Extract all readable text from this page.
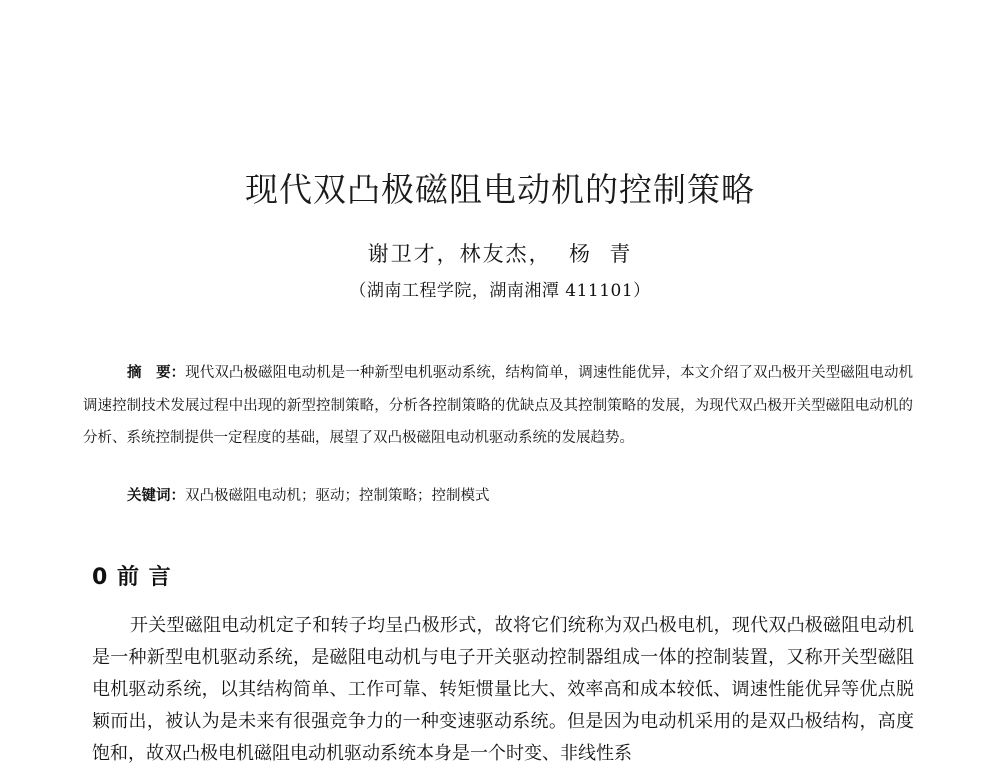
现代双凸极磁阻电动机的控制策略
谢卫才，林友杰，  杨  青
（湖南工程学院，湖南湘潭 411101）
摘　要：现代双凸极磁阻电动机是一种新型电机驱动系统，结构简单，调速性能优异，本文介绍了双凸极开关型磁阻电动机调速控制技术发展过程中出现的新型控制策略，分析各控制策略的优缺点及其控制策略的发展，为现代双凸极开关型磁阻电动机的分析、系统控制提供一定程度的基础，展望了双凸极磁阻电动机驱动系统的发展趋势。
关键词：双凸极磁阻电动机；驱动；控制策略；控制模式
0 前 言
开关型磁阻电动机定子和转子均呈凸极形式，故将它们统称为双凸极电机，现代双凸极磁阻电动机是一种新型电机驱动系统，是磁阻电动机与电子开关驱动控制器组成一体的控制装置，又称开关型磁阻电机驱动系统，以其结构简单、工作可靠、转矩惯量比大、效率高和成本较低、调速性能优异等优点脱颖而出，被认为是未来有很强竞争力的一种变速驱动系统。但是因为电动机采用的是双凸极结构，高度饱和，故双凸极电机磁阻电动机驱动系统本身是一个时变、非线性系
